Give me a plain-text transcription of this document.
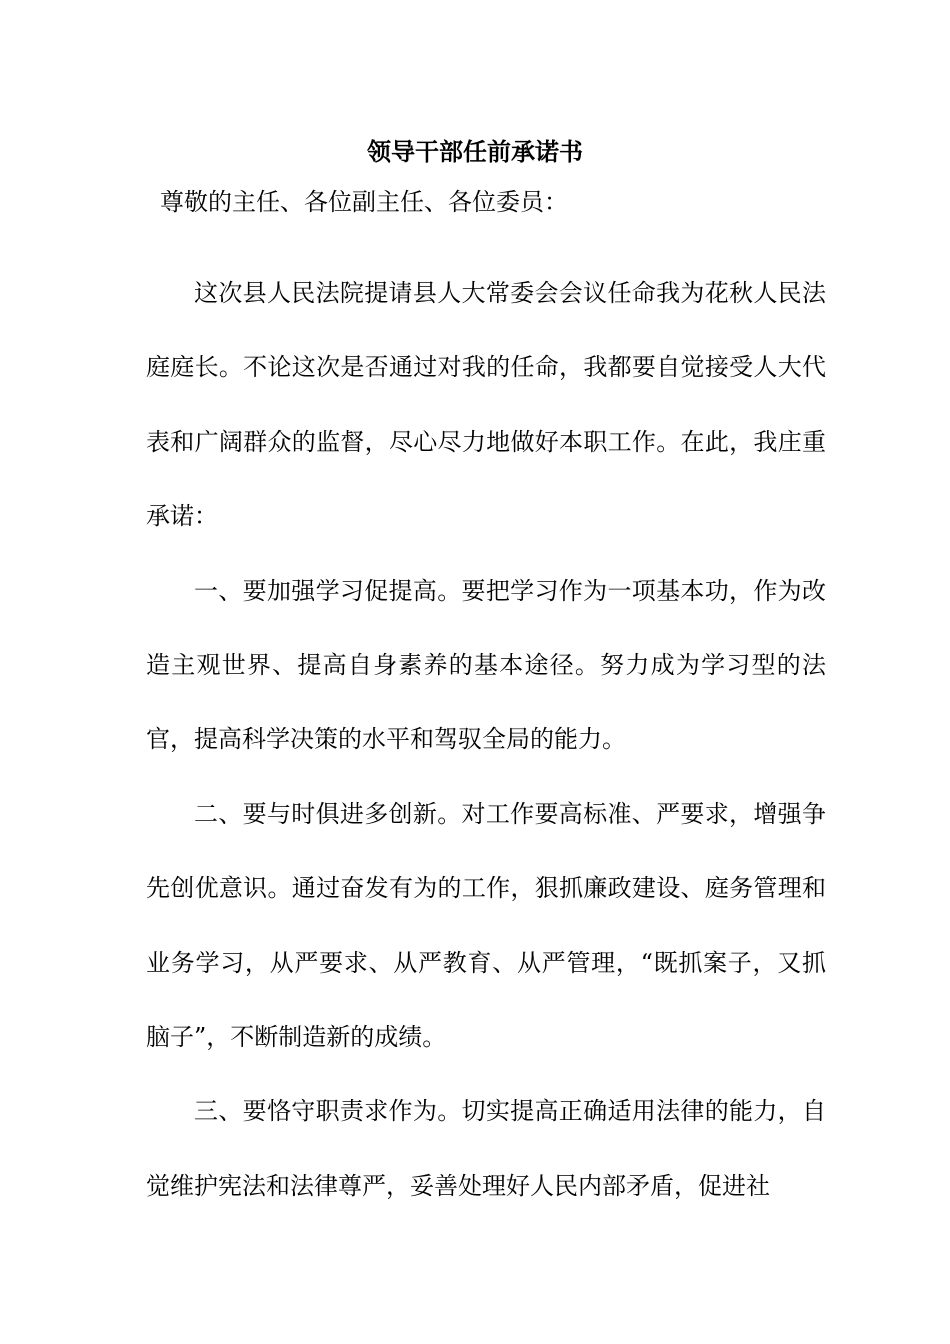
领导干部任前承诺书
尊敬的主任、各位副主任、各位委员：

这次县人民法院提请县人大常委会会议任命我为花秋人民法庭庭长。不论这次是否通过对我的任命，我都要自觉接受人大代表和广阔群众的监督，尽心尽力地做好本职工作。在此，我庄重承诺：

一、要加强学习促提高。要把学习作为一项基本功，作为改造主观世界、提高自身素养的基本途径。努力成为学习型的法官，提高科学决策的水平和驾驭全局的能力。

二、要与时俱进多创新。对工作要高标准、严要求，增强争先创优意识。通过奋发有为的工作，狠抓廉政建设、庭务管理和业务学习，从严要求、从严教育、从严管理，“既抓案子，又抓脑子”，不断制造新的成绩。

三、要恪守职责求作为。切实提高正确适用法律的能力，自觉维护宪法和法律尊严，妥善处理好人民内部矛盾，促进社
